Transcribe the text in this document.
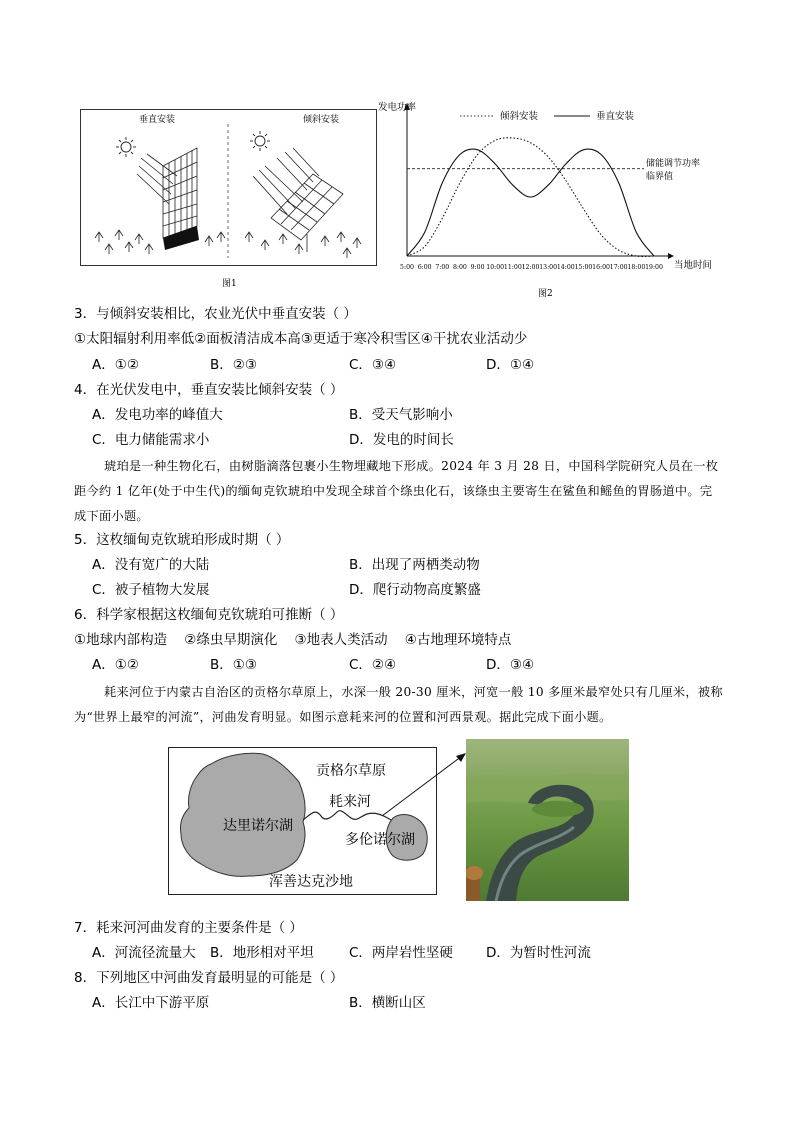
垂直安装	倾斜安装
图1
5:00 6:00 7:00 8:00 9:00 10:00 11:00 12:00 13:00 14:00 15:00 16:00 17:00 18:00 19:00
发电功率
当地时间
倾斜安装	垂直安装
储能调节功率
临界值
图2
3．与倾斜安装相比，农业光伏中垂直安装（ ）
①太阳辐射利用率低②面板清洁成本高③更适于寒冷积雪区④干扰农业活动少
A．①②	B．②③	C．③④	D．①④
4．在光伏发电中，垂直安装比倾斜安装（ ）
A．发电功率的峰值大	B．受天气影响小
C．电力储能需求小	D．发电的时间长
琥珀是一种生物化石，由树脂滴落包裹小生物埋藏地下形成。2024 年 3 月 28 日，中国科学院研究人员在一枚距今约 1 亿年(处于中生代)的缅甸克钦琥珀中发现全球首个绦虫化石，该绦虫主要寄生在鲨鱼和鳐鱼的胃肠道中。完成下面小题。
5．这枚缅甸克钦琥珀形成时期（ ）
A．没有宽广的大陆	B．出现了两栖类动物
C．被子植物大发展	D．爬行动物高度繁盛
6．科学家根据这枚缅甸克钦琥珀可推断（ ）
①地球内部构造    ②绦虫早期演化    ③地表人类活动    ④古地理环境特点
A．①②	B．①③	C．②④	D．③④
耗来河位于内蒙古自治区的贡格尔草原上，水深一般 20-30 厘米，河宽一般 10 多厘米最窄处只有几厘米，被称为“世界上最窄的河流”，河曲发育明显。如图示意耗来河的位置和河西景观。据此完成下面小题。
贡格尔草原
耗来河
达里诺尔湖
多伦诺尔湖
浑善达克沙地
7．耗来河河曲发育的主要条件是（ ）
A．河流径流量大 B．地形相对平坦	C．两岸岩性坚硬 D．为暂时性河流
8．下列地区中河曲发育最明显的可能是（ ）
A．长江中下游平原	B．横断山区
